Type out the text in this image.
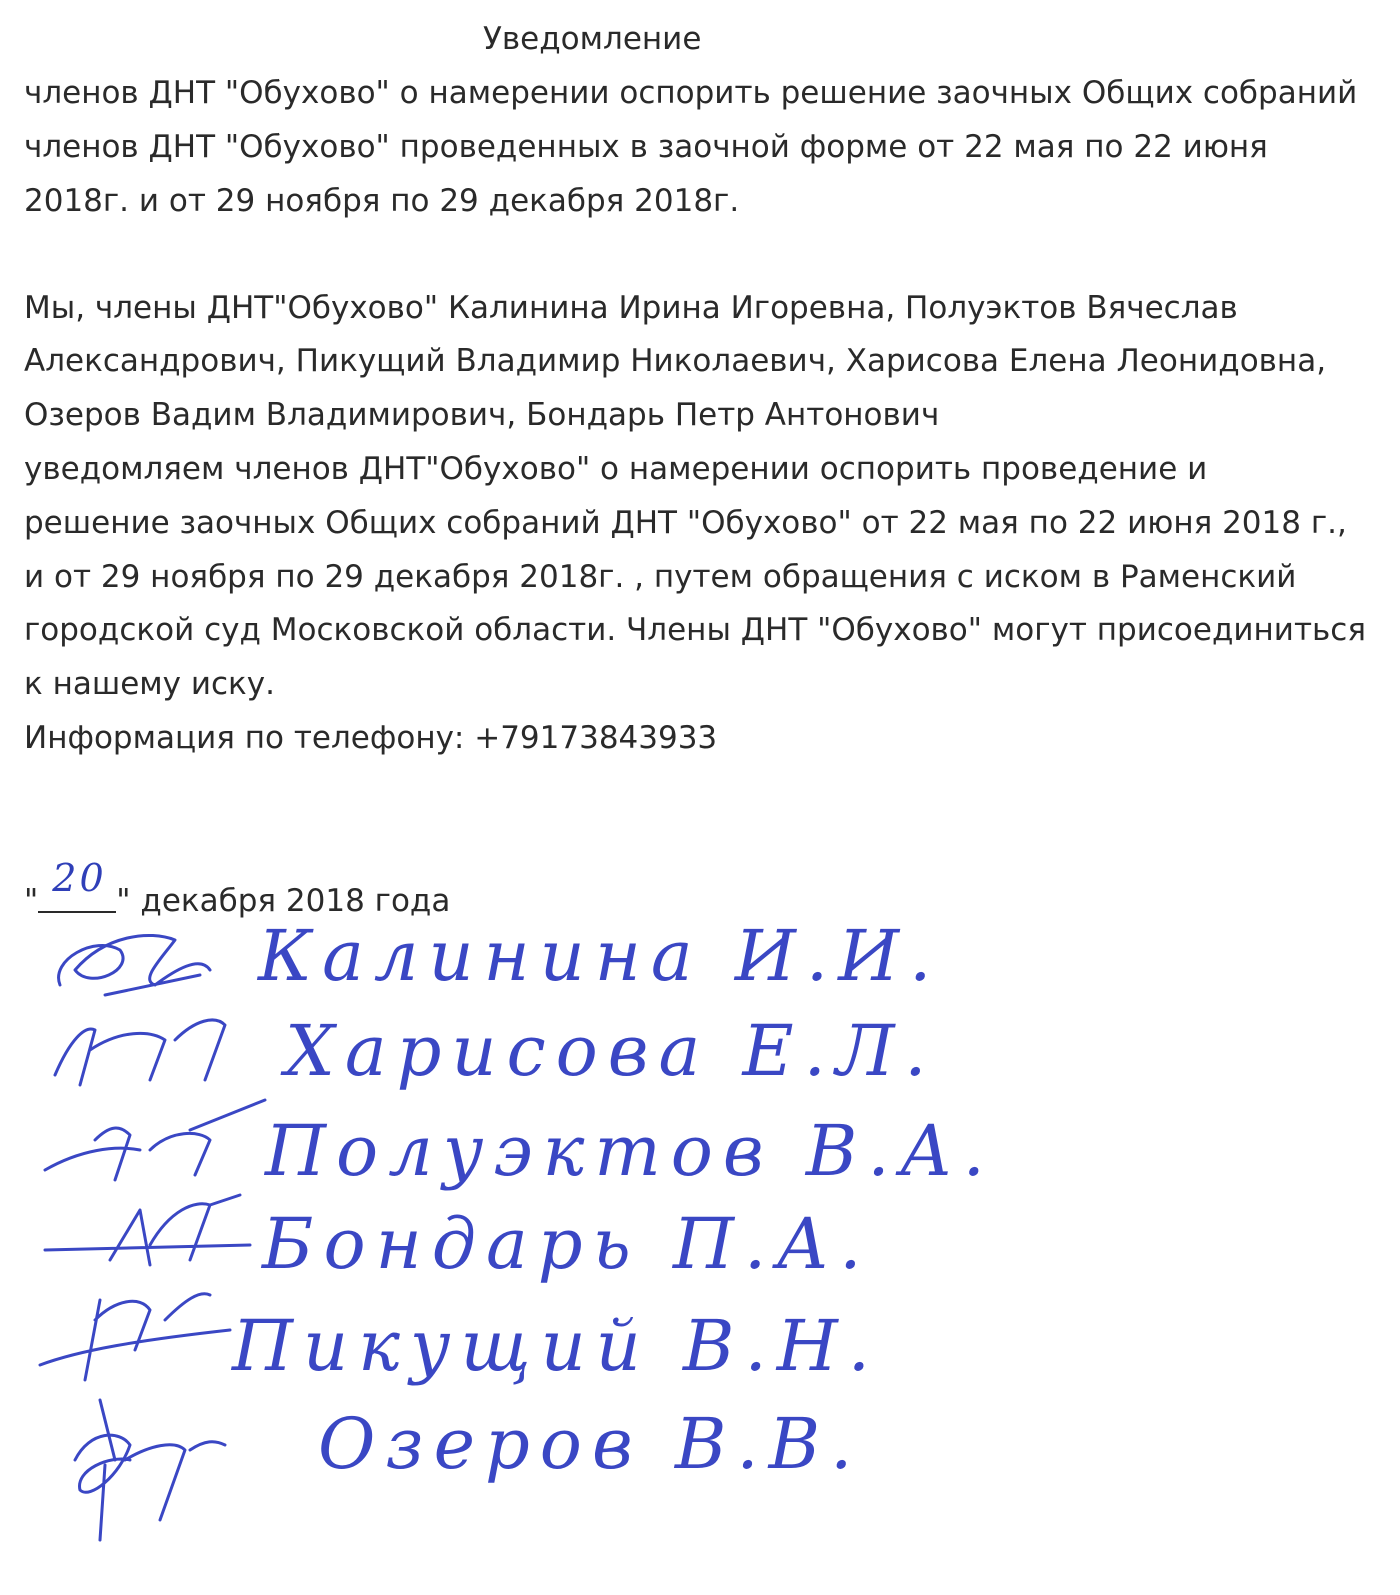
Уведомление

членов ДНТ "Обухово" о намерении оспорить решение заочных Общих собраний

членов ДНТ "Обухово" проведенных в заочной форме от 22 мая по 22 июня

2018г. и от 29 ноября по 29 декабря 2018г.

Мы, члены ДНТ"Обухово" Калинина Ирина Игоревна, Полуэктов Вячеслав

Александрович, Пикущий Владимир Николаевич, Харисова Елена Леонидовна,

Озеров Вадим Владимирович, Бондарь Петр Антонович

уведомляем членов ДНТ"Обухово" о намерении оспорить проведение и

решение заочных Общих собраний ДНТ "Обухово" от 22 мая по 22 июня 2018 г.,

и от 29 ноября по 29 декабря 2018г. , путем обращения с иском в Раменский

городской суд Московской области. Члены ДНТ "Обухово" могут присоединиться

к нашему иску.

Информация по телефону: +79173843933

"
20
" декабря 2018 года
Калинина И.И.
Харисова Е.Л.
Полуэктов В.А.
Бондарь П.А.
Пикущий В.Н.
Озеров В.В.
